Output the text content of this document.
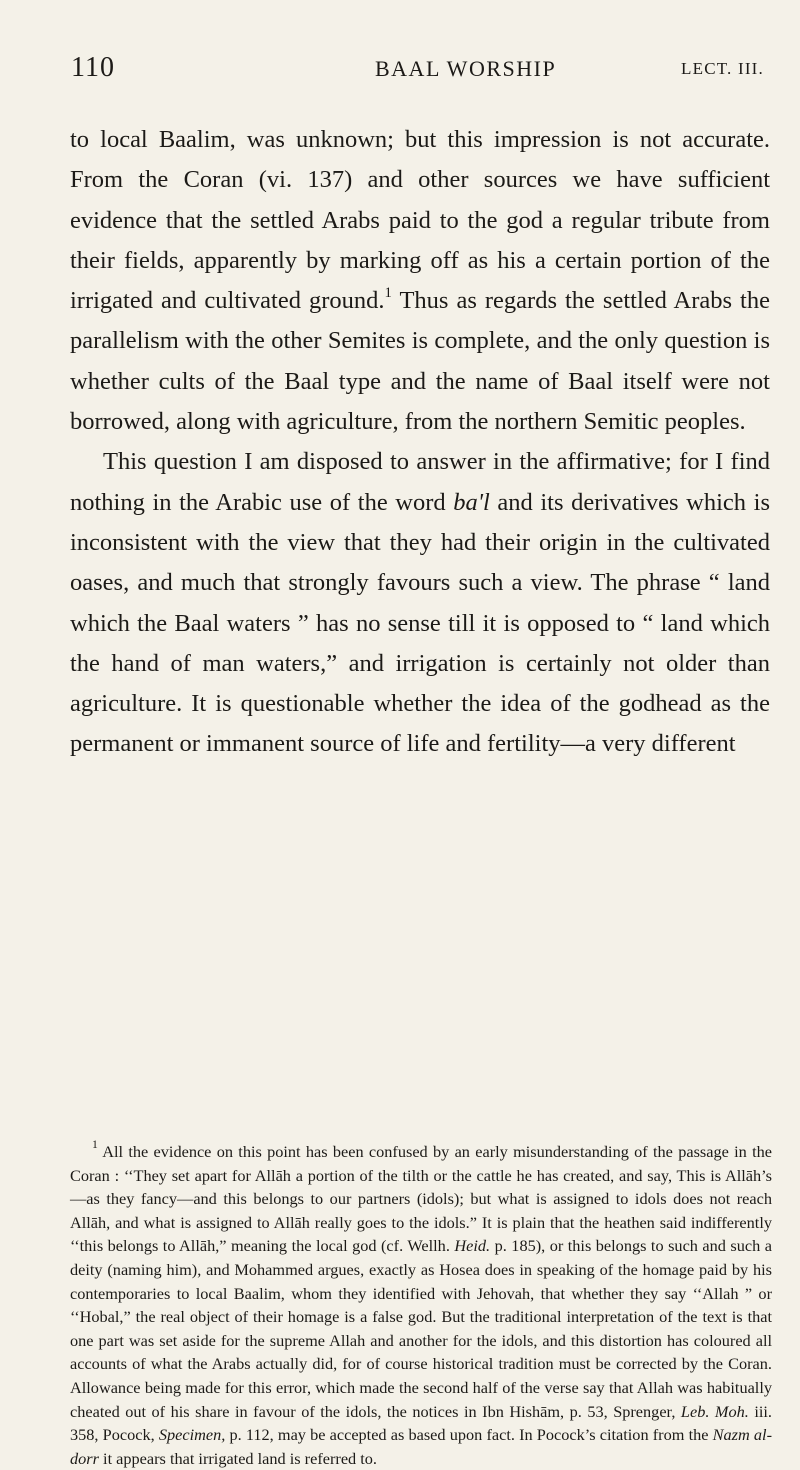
110	BAAL WORSHIP	LECT. III.

to local Baalim, was unknown; but this impression is not accurate. From the Coran (vi. 137) and other sources we have sufficient evidence that the settled Arabs paid to the god a regular tribute from their fields, apparently by marking off as his a certain portion of the irrigated and cultivated ground.$^1$ Thus as regards the settled Arabs the parallelism with the other Semites is complete, and the only question is whether cults of the Baal type and the name of Baal itself were not borrowed, along with agriculture, from the northern Semitic peoples.

This question I am disposed to answer in the affirmative; for I find nothing in the Arabic use of the word ba'l and its derivatives which is inconsistent with the view that they had their origin in the cultivated oases, and much that strongly favours such a view. The phrase “ land which the Baal waters ” has no sense till it is opposed to “ land which the hand of man waters,” and irrigation is certainly not older than agriculture. It is questionable whether the idea of the godhead as the permanent or immanent source of life and fertility—a very different

$^1$ All the evidence on this point has been confused by an early misunderstanding of the passage in the Coran : ‘‘They set apart for Allāh a portion of the tilth or the cattle he has created, and say, This is Allāh’s—as they fancy—and this belongs to our partners (idols); but what is assigned to idols does not reach Allāh, and what is assigned to Allāh really goes to the idols.” It is plain that the heathen said indifferently ‘‘this belongs to Allāh,” meaning the local god (cf. Wellh. Heid. p. 185), or this belongs to such and such a deity (naming him), and Mohammed argues, exactly as Hosea does in speaking of the homage paid by his contemporaries to local Baalim, whom they identified with Jehovah, that whether they say ‘‘Allah ” or ‘‘Hobal,” the real object of their homage is a false god. But the traditional interpretation of the text is that one part was set aside for the supreme Allah and another for the idols, and this distortion has coloured all accounts of what the Arabs actually did, for of course historical tradition must be corrected by the Coran. Allowance being made for this error, which made the second half of the verse say that Allah was habitually cheated out of his share in favour of the idols, the notices in Ibn Hishām, p. 53, Sprenger, Leb. Moh. iii. 358, Pocock, Specimen, p. 112, may be accepted as based upon fact. In Pocock’s citation from the Nazm al-dorr it appears that irrigated land is referred to.
